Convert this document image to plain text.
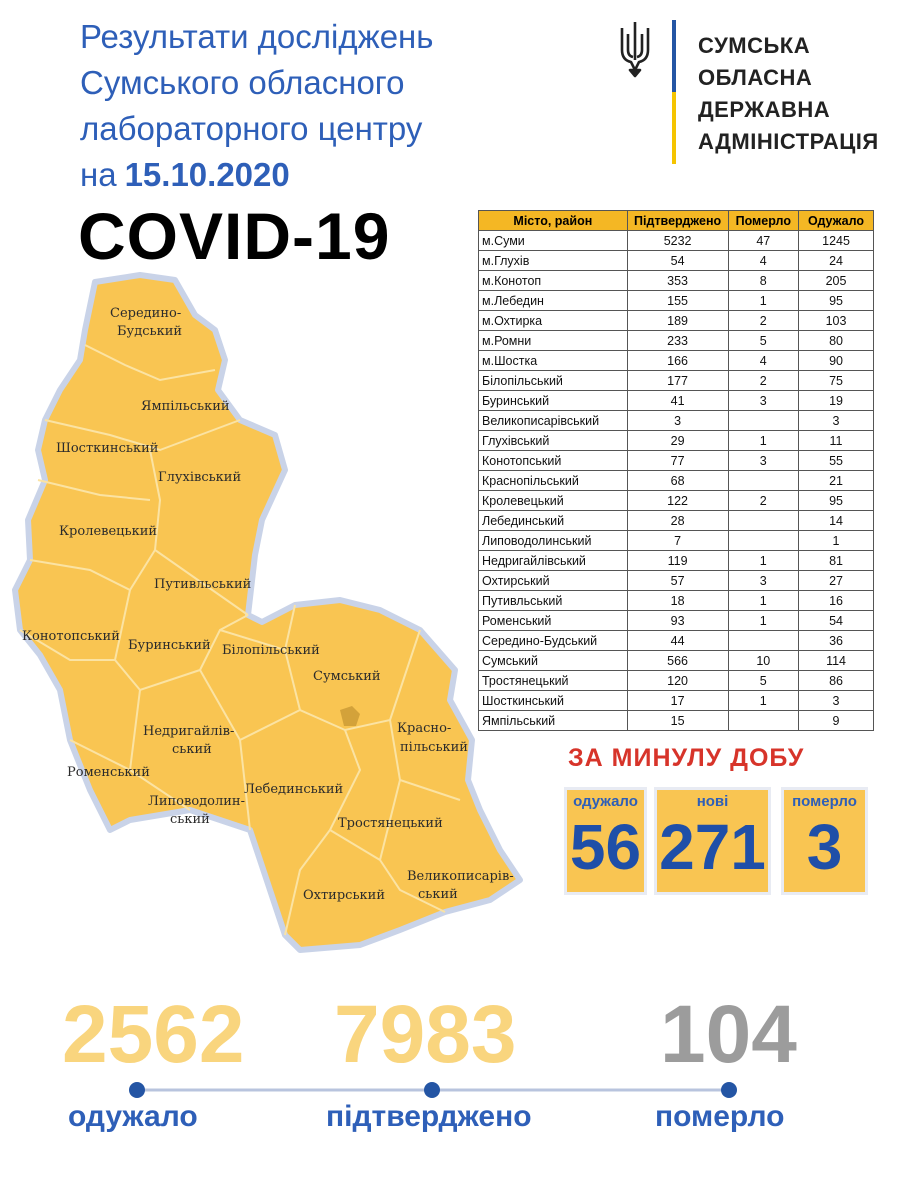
Результати досліджень
Сумського обласного
лабораторного центру
на 15.10.2020
COVID-19
СУМСЬКА
ОБЛАСНА
ДЕРЖАВНА
АДМІНІСТРАЦІЯ
Середино-
Будський
Ямпільський
Шосткинський
Глухівський
Кролевецький
Путивльський
Конотопський
Буринський Білопільський
Сумський
Недригайлів-
ський
Роменський
Красно-
пільський
Липоводолин-
ський
Лебединський
Тростянецький
Великописарів-
ський
Охтирський
Місто, район	Підтверджено	Померло	Одужало
м.Суми	5232	47	1245
м.Глухів	54	4	24
м.Конотоп	353	8	205
м.Лебедин	155	1	95
м.Охтирка	189	2	103
м.Ромни	233	5	80
м.Шостка	166	4	90
Білопільський	177	2	75
Буринський	41	3	19
Великописарівський	3		3
Глухівський	29	1	11
Конотопський	77	3	55
Краснопільський	68		21
Кролевецький	122	2	95
Лебединський	28		14
Липоводолинський	7		1
Недригайлівський	119	1	81
Охтирський	57	3	27
Путивльський	18	1	16
Роменський	93	1	54
Середино-Будський	44		36
Сумський	566	10	114
Тростянецький	120	5	86
Шосткинський	17	1	3
Ямпільський	15		9
ЗА МИНУЛУ ДОБУ
одужало
56
нові
271
померло
3
2562 7983 104
одужало	підтверджено	померло
